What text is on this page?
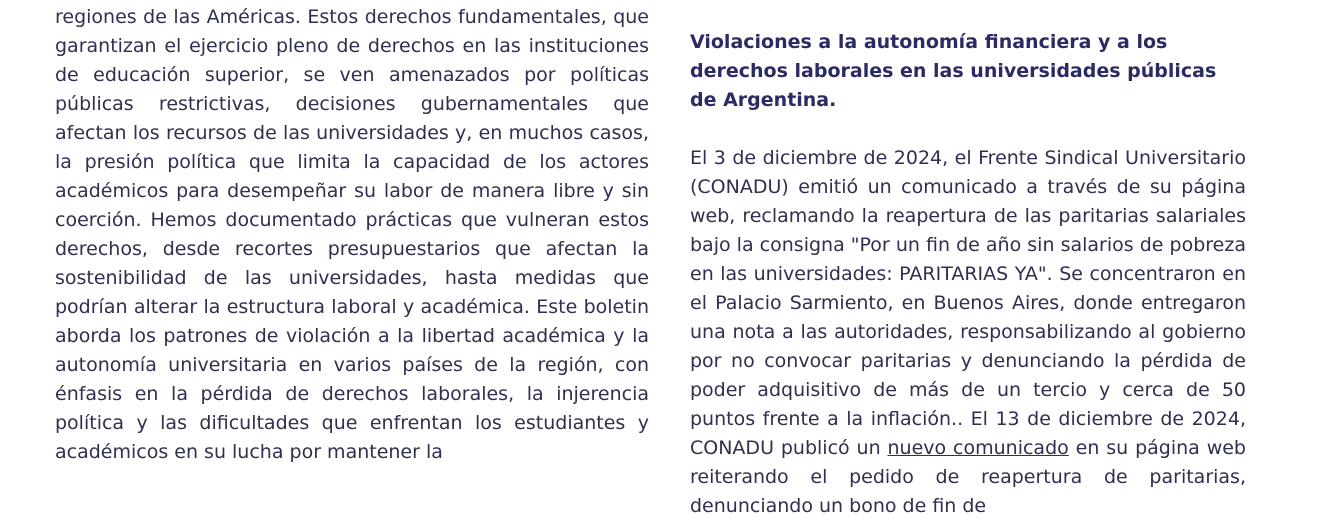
regiones de las Américas. Estos derechos fundamentales, que garantizan el ejercicio pleno de derechos en las instituciones de educación superior, se ven amenazados por políticas públicas restrictivas, decisiones gubernamentales que afectan los recursos de las universidades y, en muchos casos, la presión política que limita la capacidad de los actores académicos para desempeñar su labor de manera libre y sin coerción. Hemos documentado prácticas que vulneran estos derechos, desde recortes presupuestarios que afectan la sostenibilidad de las universidades, hasta medidas que podrían alterar la estructura laboral y académica. Este boletin aborda los patrones de violación a la libertad académica y la autonomía universitaria en varios países de la región, con énfasis en la pérdida de derechos laborales, la injerencia política y las dificultades que enfrentan los estudiantes y académicos en su lucha por mantener la

Violaciones a la autonomía financiera y a los derechos laborales en las universidades públicas de Argentina.

El 3 de diciembre de 2024, el Frente Sindical Universitario (CONADU) emitió un comunicado a través de su página web, reclamando la reapertura de las paritarias salariales bajo la consigna "Por un fin de año sin salarios de pobreza en las universidades: PARITARIAS YA". Se concentraron en el Palacio Sarmiento, en Buenos Aires, donde entregaron una nota a las autoridades, responsabilizando al gobierno por no convocar paritarias y denunciando la pérdida de poder adquisitivo de más de un tercio y cerca de 50 puntos frente a la inflación.. El 13 de diciembre de 2024, CONADU publicó un nuevo comunicado en su página web reiterando el pedido de reapertura de paritarias, denunciando un bono de fin de
